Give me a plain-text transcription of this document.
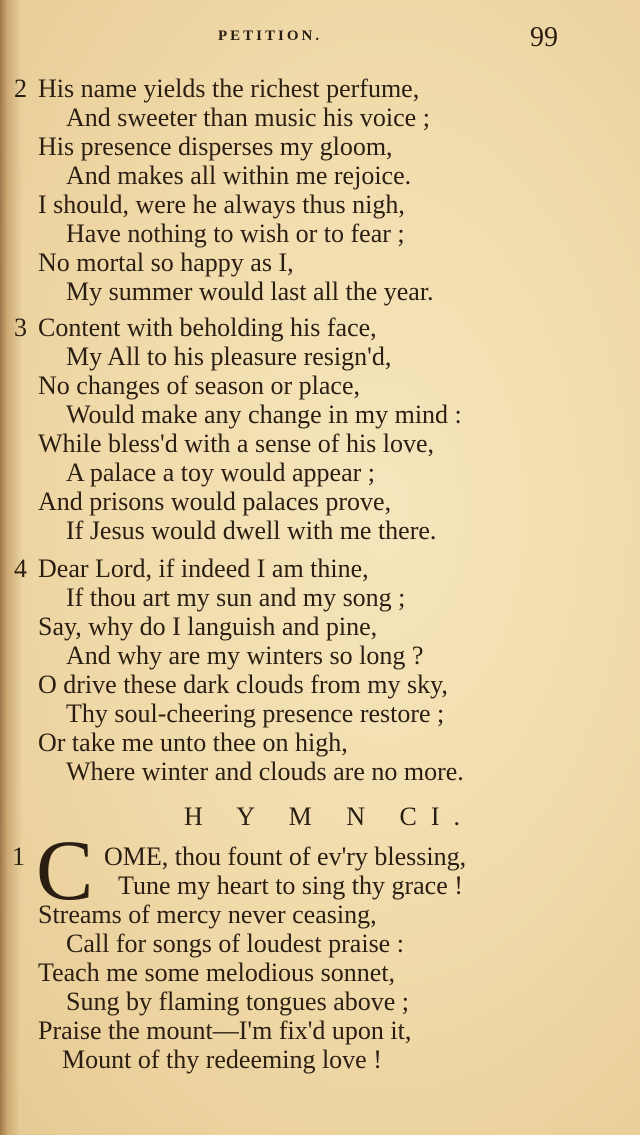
PETITION.	99
2 His name yields the richest perfume,
And sweeter than music his voice ;
His presence disperses my gloom,
And makes all within me rejoice.
I should, were he always thus nigh,
Have nothing to wish or to fear ;
No mortal so happy as I,
My summer would last all the year.
3 Content with beholding his face,
My All to his pleasure resign'd,
No changes of season or place,
Would make any change in my mind :
While bless'd with a sense of his love,
A palace a toy would appear ;
And prisons would palaces prove,
If Jesus would dwell with me there.
4 Dear Lord, if indeed I am thine,
If thou art my sun and my song ;
Say, why do I languish and pine,
And why are my winters so long ?
O drive these dark clouds from my sky,
Thy soul-cheering presence restore ;
Or take me unto thee on high,
Where winter and clouds are no more.
H Y M N CI.
1 C OME, thou fount of ev'ry blessing,
Tune my heart to sing thy grace !
Streams of mercy never ceasing,
Call for songs of loudest praise :
Teach me some melodious sonnet,
Sung by flaming tongues above ;
Praise the mount—I'm fix'd upon it,
Mount of thy redeeming love !
